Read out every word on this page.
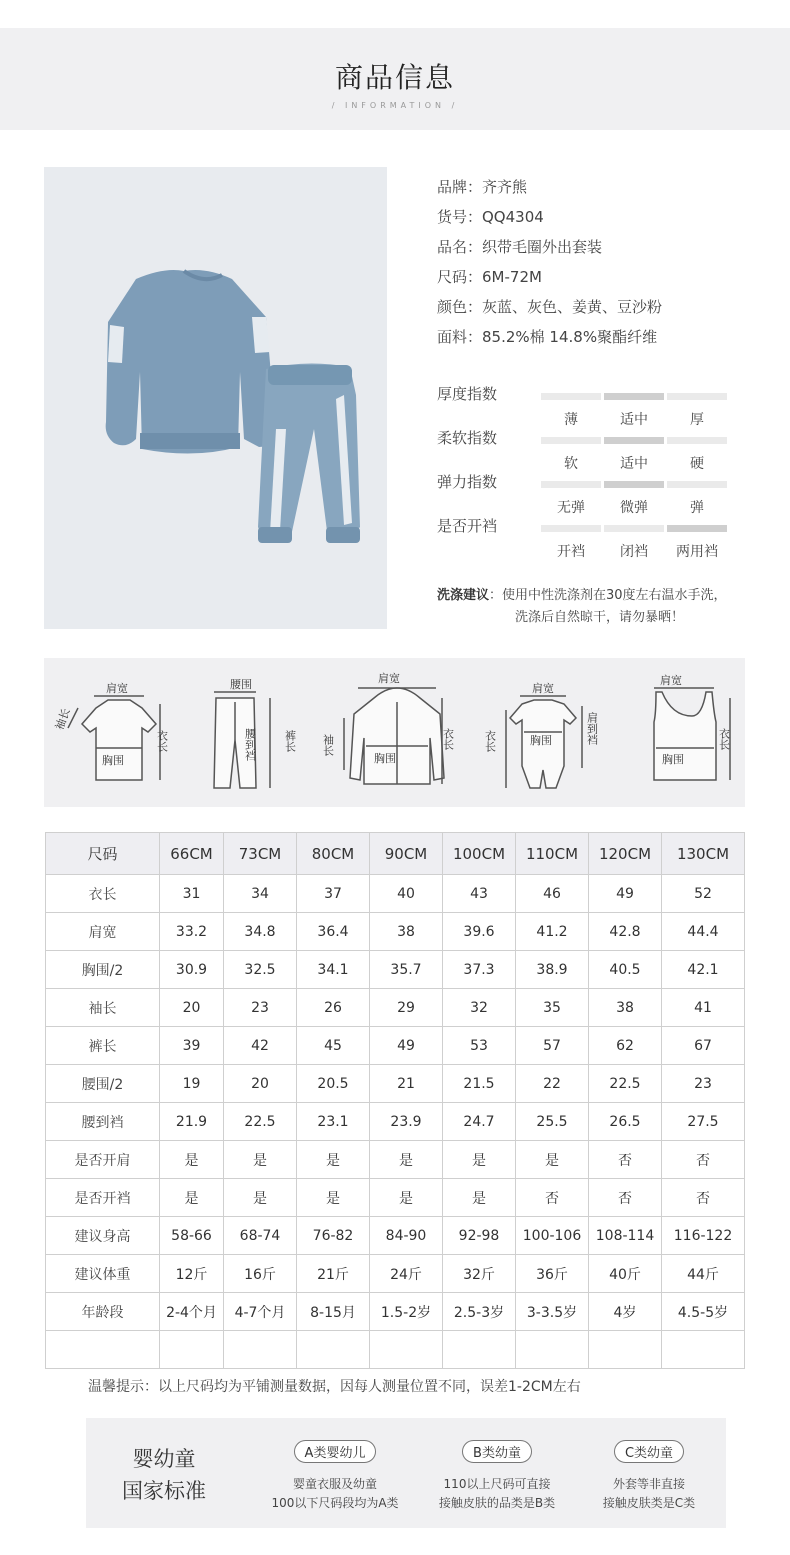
商品信息
/ INFORMATION /
品牌：齐齐熊
货号：QQ4304
品名：织带毛圈外出套装
尺码：6M-72M
颜色：灰蓝、灰色、姜黄、豆沙粉
面料：85.2%棉 14.8%聚酯纤维
厚度指数
薄	适中	厚
柔软指数
软	适中	硬
弹力指数
无弹	微弹	弹
是否开裆
开裆	闭裆	两用裆
洗涤建议：使用中性洗涤剂在30度左右温水手洗，
洗涤后自然晾干，请勿暴晒！
肩宽
袖长
胸围
衣长
腰围
腰到裆 裤长
肩宽
胸围
袖长	衣长
肩宽
胸围
衣长	肩到裆
肩宽
胸围
衣长
尺码	66CM	73CM	80CM	90CM	100CM	110CM	120CM	130CM
衣长	31	34	37	40	43	46	49	52
肩宽	33.2	34.8	36.4	38	39.6	41.2	42.8	44.4
胸围/2	30.9	32.5	34.1	35.7	37.3	38.9	40.5	42.1
袖长	20	23	26	29	32	35	38	41
裤长	39	42	45	49	53	57	62	67
腰围/2	19	20	20.5	21	21.5	22	22.5	23
腰到裆	21.9	22.5	23.1	23.9	24.7	25.5	26.5	27.5
是否开肩	是	是	是	是	是	是	否	否
是否开裆	是	是	是	是	是	否	否	否
建议身高	58-66	68-74	76-82	84-90	92-98	100-106	108-114	116-122
建议体重	12斤	16斤	21斤	24斤	32斤	36斤	40斤	44斤
年龄段	2-4个月	4-7个月	8-15月	1.5-2岁	2.5-3岁	3-3.5岁	4岁	4.5-5岁

温馨提示：以上尺码均为平铺测量数据，因每人测量位置不同，误差1-2CM左右
婴幼童
国家标准
A类婴幼儿
婴童衣服及幼童
100以下尺码段均为A类
B类幼童
110以上尺码可直接
接触皮肤的品类是B类
C类幼童
外套等非直接
接触皮肤类是C类
